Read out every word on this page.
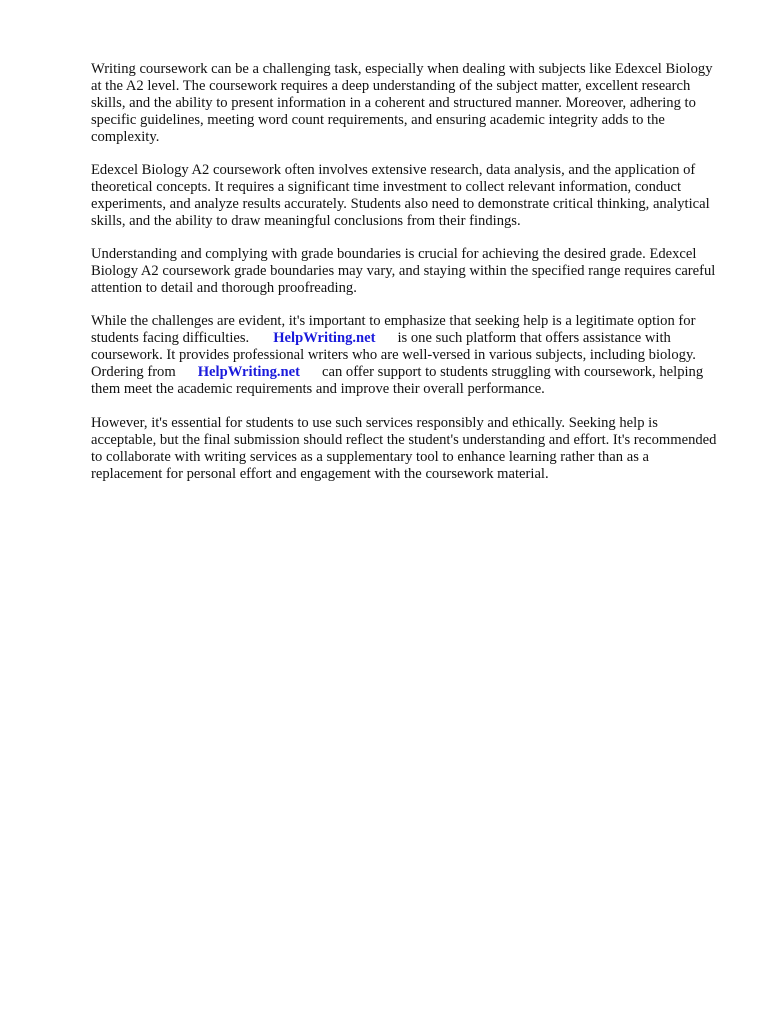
Writing coursework can be a challenging task, especially when dealing with subjects like Edexcel Biology at the A2 level. The coursework requires a deep understanding of the subject matter, excellent research skills, and the ability to present information in a coherent and structured manner. Moreover, adhering to specific guidelines, meeting word count requirements, and ensuring academic integrity adds to the complexity.

Edexcel Biology A2 coursework often involves extensive research, data analysis, and the application of theoretical concepts. It requires a significant time investment to collect relevant information, conduct experiments, and analyze results accurately. Students also need to demonstrate critical thinking, analytical skills, and the ability to draw meaningful conclusions from their findings.

Understanding and complying with grade boundaries is crucial for achieving the desired grade. Edexcel Biology A2 coursework grade boundaries may vary, and staying within the specified range requires careful attention to detail and thorough proofreading.

While the challenges are evident, it's important to emphasize that seeking help is a legitimate option for students facing difficulties. HelpWriting.net is one such platform that offers assistance with coursework. It provides professional writers who are well-versed in various subjects, including biology. Ordering from HelpWriting.net can offer support to students struggling with coursework, helping them meet the academic requirements and improve their overall performance.

However, it's essential for students to use such services responsibly and ethically. Seeking help is acceptable, but the final submission should reflect the student's understanding and effort. It's recommended to collaborate with writing services as a supplementary tool to enhance learning rather than as a replacement for personal effort and engagement with the coursework material.
